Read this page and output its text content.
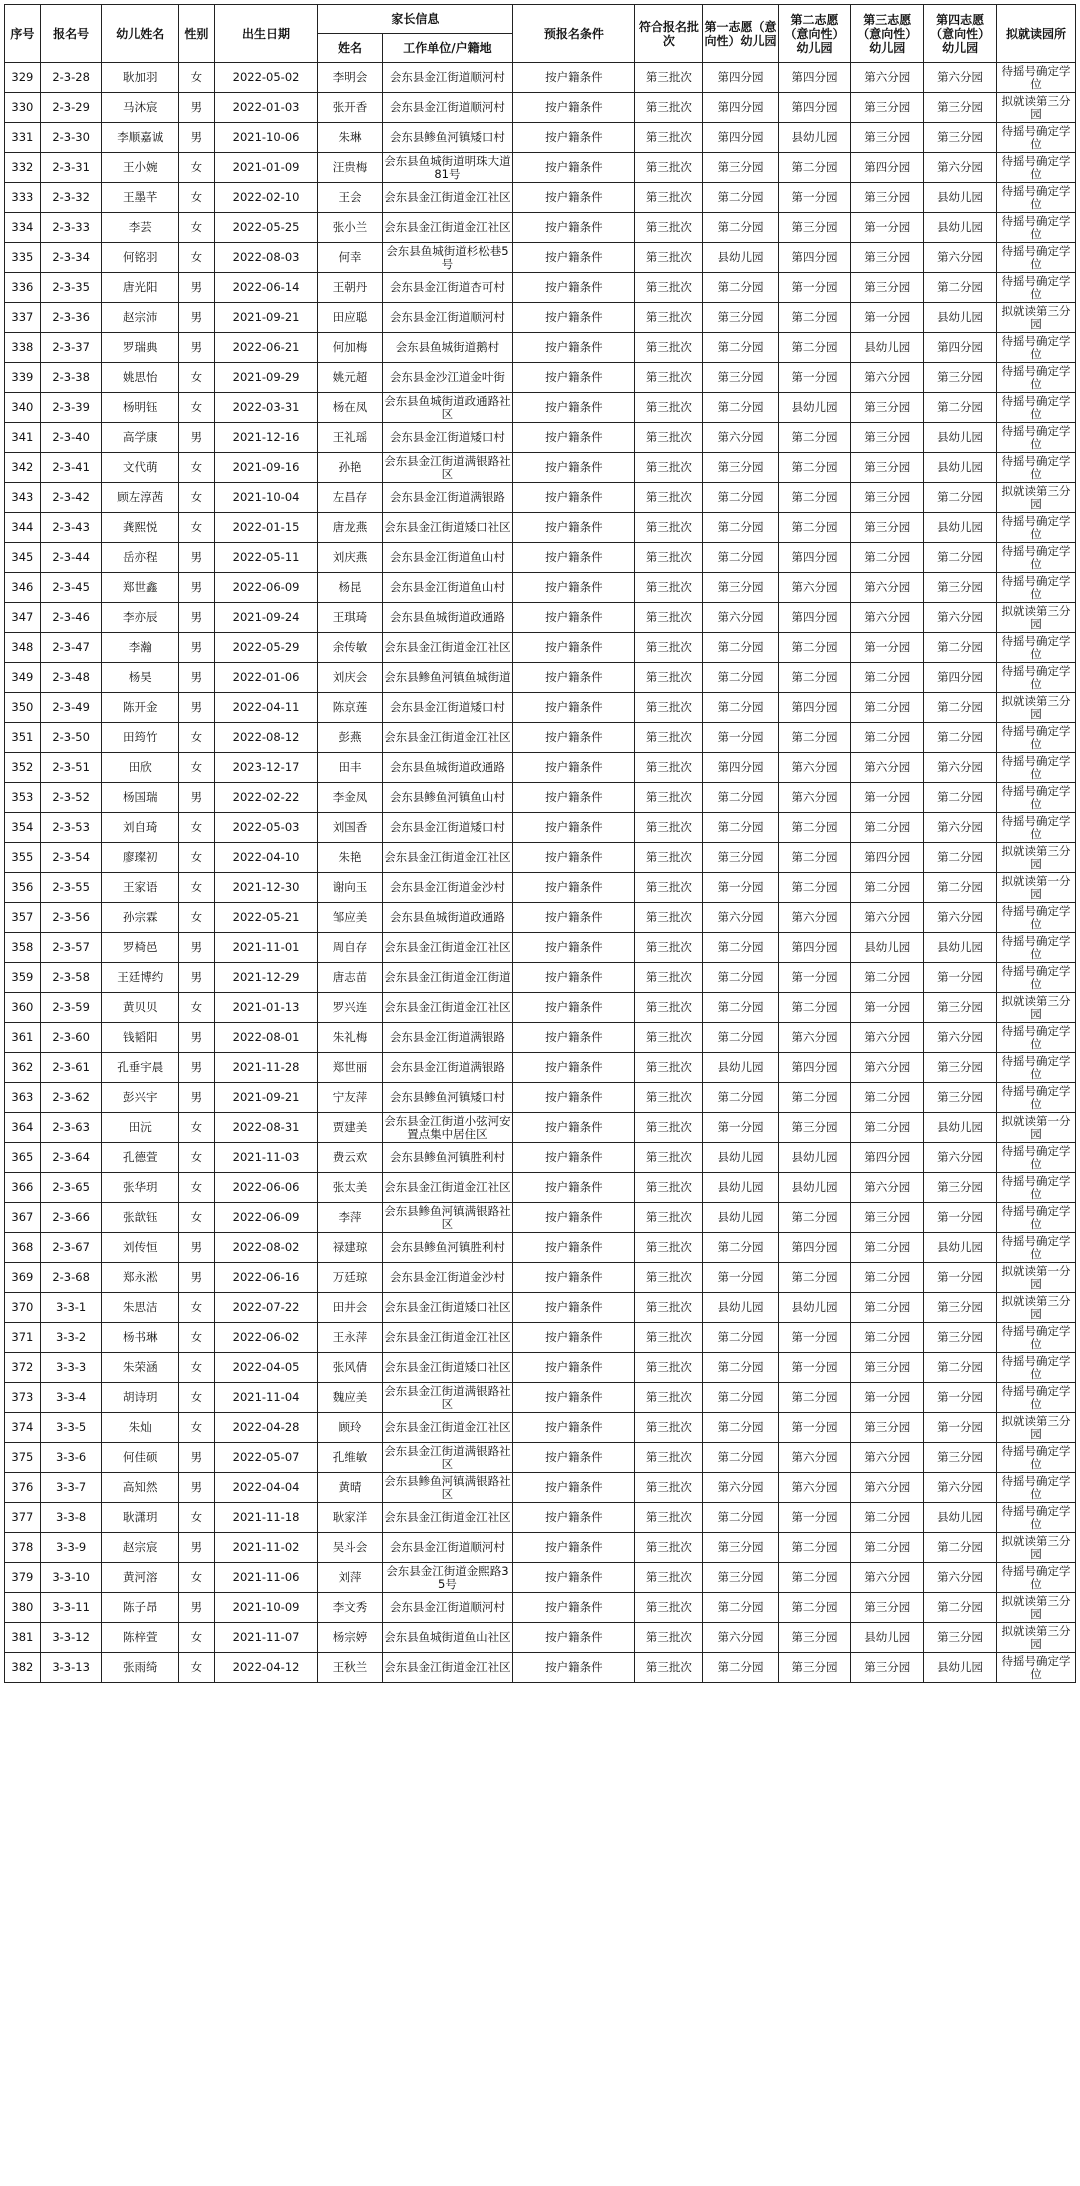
序号	报名号	幼儿姓名	性别	出生日期	家长信息		预报名条件	符合报名批次	第一志愿（意向性）幼儿园	第二志愿（意向性）幼儿园	第三志愿（意向性）幼儿园	第四志愿（意向性）幼儿园	拟就读园所
					姓名	工作单位/户籍地							
329	2-3-28	耿加羽	女	2022-05-02	李明会	会东县金江街道顺河村	按户籍条件	第三批次	第四分园	第四分园	第六分园	第六分园	待摇号确定学位
330	2-3-29	马沐宸	男	2022-01-03	张开香	会东县金江街道顺河村	按户籍条件	第三批次	第四分园	第四分园	第三分园	第三分园	拟就读第三分园
331	2-3-30	李顺嘉诚	男	2021-10-06	朱琳	会东县鲹鱼河镇矮口村	按户籍条件	第三批次	第四分园	县幼儿园	第三分园	第三分园	待摇号确定学位
332	2-3-31	王小婉	女	2021-01-09	汪贵梅	会东县鱼城街道明珠大道81号	按户籍条件	第三批次	第三分园	第二分园	第四分园	第六分园	待摇号确定学位
333	2-3-32	王墨芊	女	2022-02-10	王会	会东县金江街道金江社区	按户籍条件	第三批次	第二分园	第一分园	第三分园	县幼儿园	待摇号确定学位
334	2-3-33	李芸	女	2022-05-25	张小兰	会东县金江街道金江社区	按户籍条件	第三批次	第二分园	第三分园	第一分园	县幼儿园	待摇号确定学位
335	2-3-34	何铭羽	女	2022-08-03	何幸	会东县鱼城街道杉松巷5号	按户籍条件	第三批次	县幼儿园	第四分园	第三分园	第六分园	待摇号确定学位
336	2-3-35	唐光阳	男	2022-06-14	王朝丹	会东县金江街道杏可村	按户籍条件	第三批次	第二分园	第一分园	第三分园	第二分园	待摇号确定学位
337	2-3-36	赵宗沛	男	2021-09-21	田应聪	会东县金江街道顺河村	按户籍条件	第三批次	第三分园	第二分园	第一分园	县幼儿园	拟就读第三分园
338	2-3-37	罗瑞典	男	2022-06-21	何加梅	会东县鱼城街道鹅村	按户籍条件	第三批次	第二分园	第二分园	县幼儿园	第四分园	待摇号确定学位
339	2-3-38	姚思怡	女	2021-09-29	姚元超	会东县金沙江道金叶街	按户籍条件	第三批次	第三分园	第一分园	第六分园	第三分园	待摇号确定学位
340	2-3-39	杨明钰	女	2022-03-31	杨在凤	会东县鱼城街道政通路社区	按户籍条件	第三批次	第二分园	县幼儿园	第三分园	第二分园	待摇号确定学位
341	2-3-40	高学康	男	2021-12-16	王礼瑶	会东县金江街道矮口村	按户籍条件	第三批次	第六分园	第二分园	第三分园	县幼儿园	待摇号确定学位
342	2-3-41	文代萌	女	2021-09-16	孙艳	会东县金江街道满银路社区	按户籍条件	第三批次	第三分园	第二分园	第三分园	县幼儿园	待摇号确定学位
343	2-3-42	顾左淳茜	女	2021-10-04	左昌存	会东县金江街道满银路	按户籍条件	第三批次	第二分园	第二分园	第三分园	第二分园	拟就读第三分园
344	2-3-43	龚熙悦	女	2022-01-15	唐龙燕	会东县金江街道矮口社区	按户籍条件	第三批次	第二分园	第二分园	第三分园	县幼儿园	待摇号确定学位
345	2-3-44	岳亦程	男	2022-05-11	刘庆燕	会东县金江街道鱼山村	按户籍条件	第三批次	第二分园	第四分园	第二分园	第二分园	待摇号确定学位
346	2-3-45	郑世鑫	男	2022-06-09	杨昆	会东县金江街道鱼山村	按户籍条件	第三批次	第三分园	第六分园	第六分园	第三分园	待摇号确定学位
347	2-3-46	李亦辰	男	2021-09-24	王琪琦	会东县鱼城街道政通路	按户籍条件	第三批次	第六分园	第四分园	第六分园	第六分园	拟就读第三分园
348	2-3-47	李瀚	男	2022-05-29	余传敏	会东县金江街道金江社区	按户籍条件	第三批次	第二分园	第二分园	第一分园	第二分园	待摇号确定学位
349	2-3-48	杨昊	男	2022-01-06	刘庆会	会东县鲹鱼河镇鱼城街道	按户籍条件	第三批次	第二分园	第二分园	第二分园	第四分园	待摇号确定学位
350	2-3-49	陈开金	男	2022-04-11	陈京莲	会东县金江街道矮口村	按户籍条件	第三批次	第二分园	第四分园	第二分园	第二分园	拟就读第三分园
351	2-3-50	田筠竹	女	2022-08-12	彭燕	会东县金江街道金江社区	按户籍条件	第三批次	第一分园	第二分园	第二分园	第二分园	待摇号确定学位
352	2-3-51	田欣	女	2023-12-17	田丰	会东县鱼城街道政通路	按户籍条件	第三批次	第四分园	第六分园	第六分园	第六分园	待摇号确定学位
353	2-3-52	杨国瑞	男	2022-02-22	李金凤	会东县鲹鱼河镇鱼山村	按户籍条件	第三批次	第二分园	第六分园	第一分园	第二分园	待摇号确定学位
354	2-3-53	刘自琦	女	2022-05-03	刘国香	会东县金江街道矮口村	按户籍条件	第三批次	第二分园	第二分园	第二分园	第六分园	待摇号确定学位
355	2-3-54	廖璨初	女	2022-04-10	朱艳	会东县金江街道金江社区	按户籍条件	第三批次	第三分园	第二分园	第四分园	第二分园	拟就读第三分园
356	2-3-55	王家语	女	2021-12-30	谢向玉	会东县金江街道金沙村	按户籍条件	第三批次	第一分园	第二分园	第二分园	第二分园	拟就读第一分园
357	2-3-56	孙宗霖	女	2022-05-21	邹应美	会东县鱼城街道政通路	按户籍条件	第三批次	第六分园	第六分园	第六分园	第六分园	待摇号确定学位
358	2-3-57	罗椅邑	男	2021-11-01	周自存	会东县金江街道金江社区	按户籍条件	第三批次	第二分园	第四分园	县幼儿园	县幼儿园	待摇号确定学位
359	2-3-58	王廷博约	男	2021-12-29	唐志苗	会东县金江街道金江街道	按户籍条件	第三批次	第二分园	第一分园	第二分园	第一分园	待摇号确定学位
360	2-3-59	黄贝贝	女	2021-01-13	罗兴连	会东县金江街道金江社区	按户籍条件	第三批次	第二分园	第二分园	第一分园	第三分园	拟就读第三分园
361	2-3-60	钱韬阳	男	2022-08-01	朱礼梅	会东县金江街道满银路	按户籍条件	第三批次	第二分园	第六分园	第六分园	第六分园	待摇号确定学位
362	2-3-61	孔垂宇晨	男	2021-11-28	郑世丽	会东县金江街道满银路	按户籍条件	第三批次	县幼儿园	第四分园	第六分园	第三分园	待摇号确定学位
363	2-3-62	彭兴宇	男	2021-09-21	宁友萍	会东县鲹鱼河镇矮口村	按户籍条件	第三批次	第二分园	第二分园	第二分园	第三分园	待摇号确定学位
364	2-3-63	田沅	女	2022-08-31	贾建美	会东县金江街道小弦河安置点集中居住区	按户籍条件	第三批次	第一分园	第三分园	第二分园	县幼儿园	拟就读第一分园
365	2-3-64	孔德萱	女	2021-11-03	费云欢	会东县鲹鱼河镇胜利村	按户籍条件	第三批次	县幼儿园	县幼儿园	第四分园	第六分园	待摇号确定学位
366	2-3-65	张华玥	女	2022-06-06	张太美	会东县金江街道金江社区	按户籍条件	第三批次	县幼儿园	县幼儿园	第六分园	第三分园	待摇号确定学位
367	2-3-66	张歆钰	女	2022-06-09	李萍	会东县鲹鱼河镇满银路社区	按户籍条件	第三批次	县幼儿园	第二分园	第三分园	第一分园	待摇号确定学位
368	2-3-67	刘传恒	男	2022-08-02	禄建琼	会东县鲹鱼河镇胜利村	按户籍条件	第三批次	第二分园	第四分园	第二分园	县幼儿园	待摇号确定学位
369	2-3-68	郑永淞	男	2022-06-16	万廷琼	会东县金江街道金沙村	按户籍条件	第三批次	第一分园	第二分园	第二分园	第一分园	拟就读第一分园
370	3-3-1	朱思洁	女	2022-07-22	田井会	会东县金江街道矮口社区	按户籍条件	第三批次	县幼儿园	县幼儿园	第二分园	第三分园	拟就读第三分园
371	3-3-2	杨书琳	女	2022-06-02	王永萍	会东县金江街道金江社区	按户籍条件	第三批次	第二分园	第一分园	第二分园	第三分园	待摇号确定学位
372	3-3-3	朱荣涵	女	2022-04-05	张风倩	会东县金江街道矮口社区	按户籍条件	第三批次	第二分园	第一分园	第三分园	第二分园	待摇号确定学位
373	3-3-4	胡诗玥	女	2021-11-04	魏应美	会东县金江街道满银路社区	按户籍条件	第三批次	第二分园	第二分园	第一分园	第一分园	待摇号确定学位
374	3-3-5	朱灿	女	2022-04-28	顾玲	会东县金江街道金江社区	按户籍条件	第三批次	第二分园	第一分园	第三分园	第一分园	拟就读第三分园
375	3-3-6	何佳硕	男	2022-05-07	孔维敏	会东县金江街道满银路社区	按户籍条件	第三批次	第二分园	第六分园	第六分园	第三分园	待摇号确定学位
376	3-3-7	高知然	男	2022-04-04	黄晴	会东县鲹鱼河镇满银路社区	按户籍条件	第三批次	第六分园	第六分园	第六分园	第六分园	待摇号确定学位
377	3-3-8	耿潇玥	女	2021-11-18	耿家洋	会东县金江街道金江社区	按户籍条件	第三批次	第二分园	第一分园	第二分园	县幼儿园	待摇号确定学位
378	3-3-9	赵宗宸	男	2021-11-02	吴斗会	会东县金江街道顺河村	按户籍条件	第三批次	第三分园	第二分园	第二分园	第二分园	拟就读第三分园
379	3-3-10	黄河溶	女	2021-11-06	刘萍	会东县金江街道金熙路35号	按户籍条件	第三批次	第三分园	第二分园	第六分园	第六分园	待摇号确定学位
380	3-3-11	陈子昂	男	2021-10-09	李文秀	会东县金江街道顺河村	按户籍条件	第三批次	第二分园	第二分园	第三分园	第二分园	拟就读第三分园
381	3-3-12	陈梓萱	女	2021-11-07	杨宗婷	会东县鱼城街道鱼山社区	按户籍条件	第三批次	第六分园	第三分园	县幼儿园	第三分园	拟就读第三分园
382	3-3-13	张雨绮	女	2022-04-12	王秋兰	会东县金江街道金江社区	按户籍条件	第三批次	第二分园	第三分园	第三分园	县幼儿园	待摇号确定学位
